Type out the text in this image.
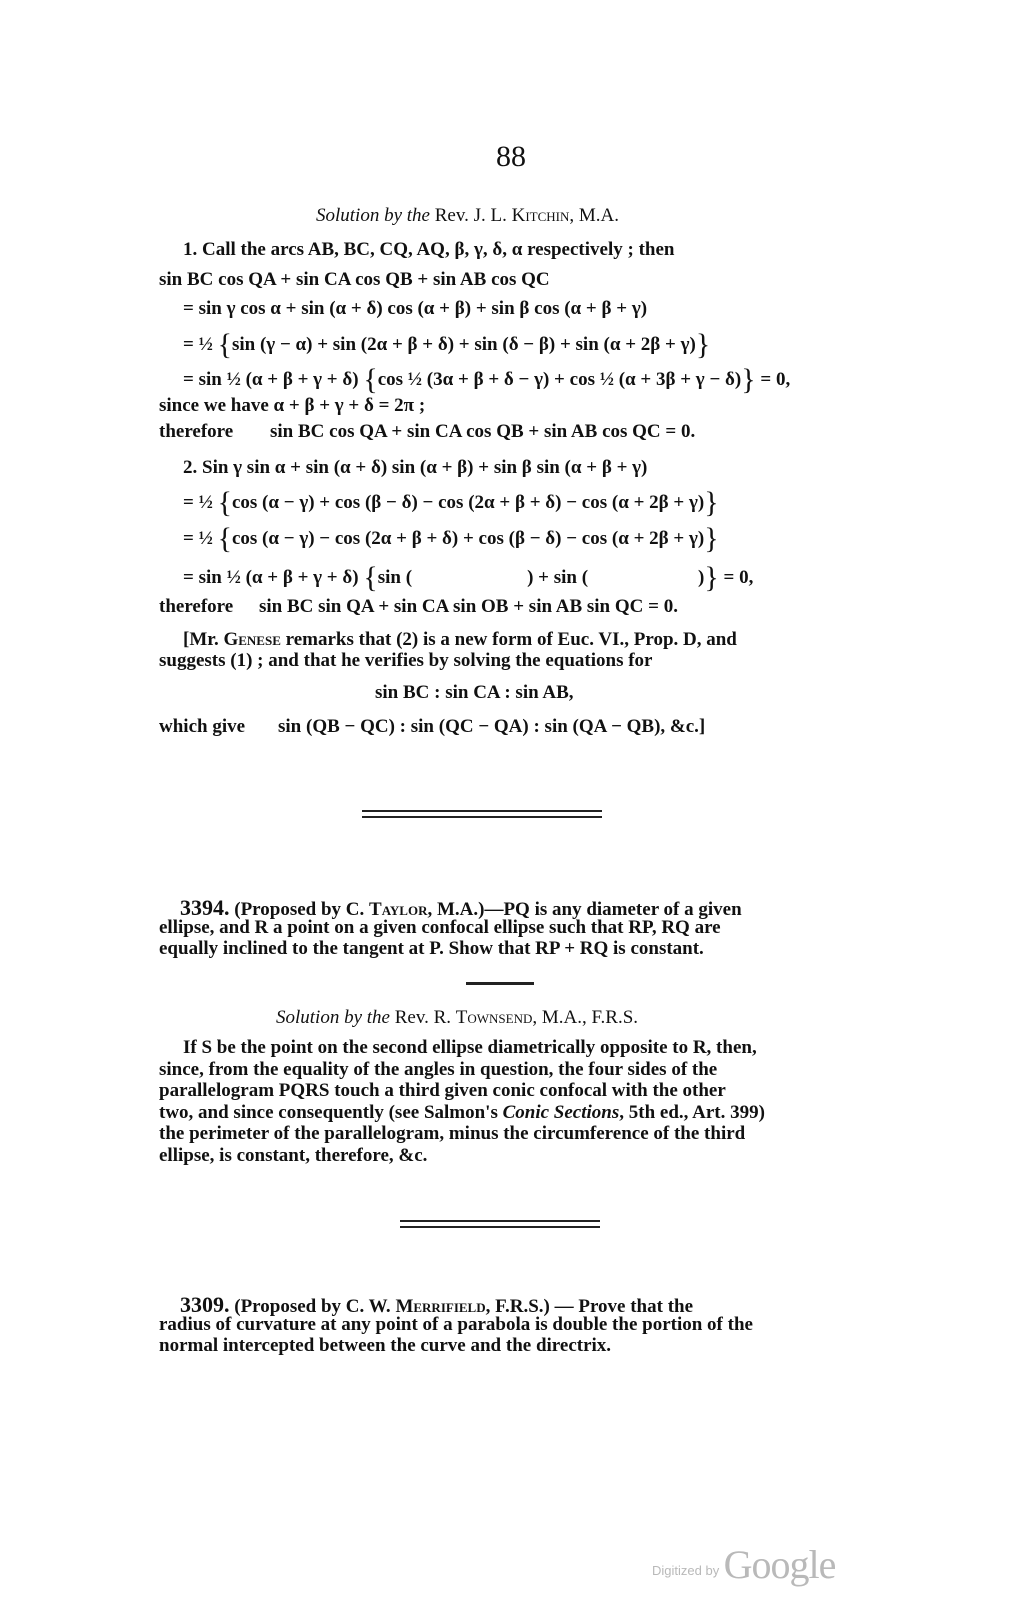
88
Solution by the Rev. J. L. Kitchin, M.A.
1. Call the arcs AB, BC, CQ, AQ, β, γ, δ, α respectively ; then
sin BC cos QA + sin CA cos QB + sin AB cos QC
= sin γ cos α + sin (α + δ) cos (α + β) + sin β cos (α + β + γ)
= ½ {sin (γ − α) + sin (2α + β + δ) + sin (δ − β) + sin (α + 2β + γ)}
= sin ½ (α + β + γ + δ) {cos ½ (3α + β + δ − γ) + cos ½ (α + 3β + γ − δ)} = 0,
since we have α + β + γ + δ = 2π ;
therefore sin BC cos QA + sin CA cos QB + sin AB cos QC = 0.
2. Sin γ sin α + sin (α + δ) sin (α + β) + sin β sin (α + β + γ)
= ½ {cos (α − γ) + cos (β − δ) − cos (2α + β + δ) − cos (α + 2β + γ)}
= ½ {cos (α − γ) − cos (2α + β + δ) + cos (β − δ) − cos (α + 2β + γ)}
= sin ½ (α + β + γ + δ) {sin (	) + sin (	)} = 0,
therefore sin BC sin QA + sin CA sin OB + sin AB sin QC = 0.
[Mr. Genese remarks that (2) is a new form of Euc. VI., Prop. D, and
suggests (1) ; and that he verifies by solving the equations for
sin BC : sin CA : sin AB,
which give sin (QB − QC) : sin (QC − QA) : sin (QA − QB), &c.]
3394. (Proposed by C. Taylor, M.A.)—PQ is any diameter of a given
ellipse, and R a point on a given confocal ellipse such that RP, RQ are
equally inclined to the tangent at P. Show that RP + RQ is constant.
Solution by the Rev. R. Townsend, M.A., F.R.S.
If S be the point on the second ellipse diametrically opposite to R, then,
since, from the equality of the angles in question, the four sides of the
parallelogram PQRS touch a third given conic confocal with the other
two, and since consequently (see Salmon's Conic Sections, 5th ed., Art. 399)
the perimeter of the parallelogram, minus the circumference of the third
ellipse, is constant, therefore, &c.
3309. (Proposed by C. W. Merrifield, F.R.S.) — Prove that the
radius of curvature at any point of a parabola is double the portion of the
normal intercepted between the curve and the directrix.
Digitized by Google
